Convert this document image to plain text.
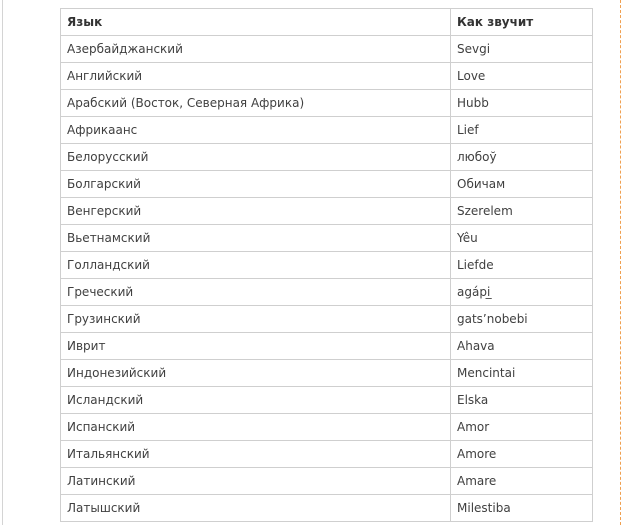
Язык	Как звучит
Азербайджанский	Sevgi
Английский	Love
Арабский (Восток, Северная Африка)	Hubb
Африкаанс	Lief
Белорусский	любоў
Болгарский	Обичам
Венгерский	Szerelem
Вьетнамский	Yêu
Голландский	Liefde
Греческий	agápi̲
Грузинский	gats’nobebi
Иврит	Ahava
Индонезийский	Mencintai
Исландский	Elska
Испанский	Amor
Итальянский	Amore
Латинский	Amare
Латышский	Milestiba
